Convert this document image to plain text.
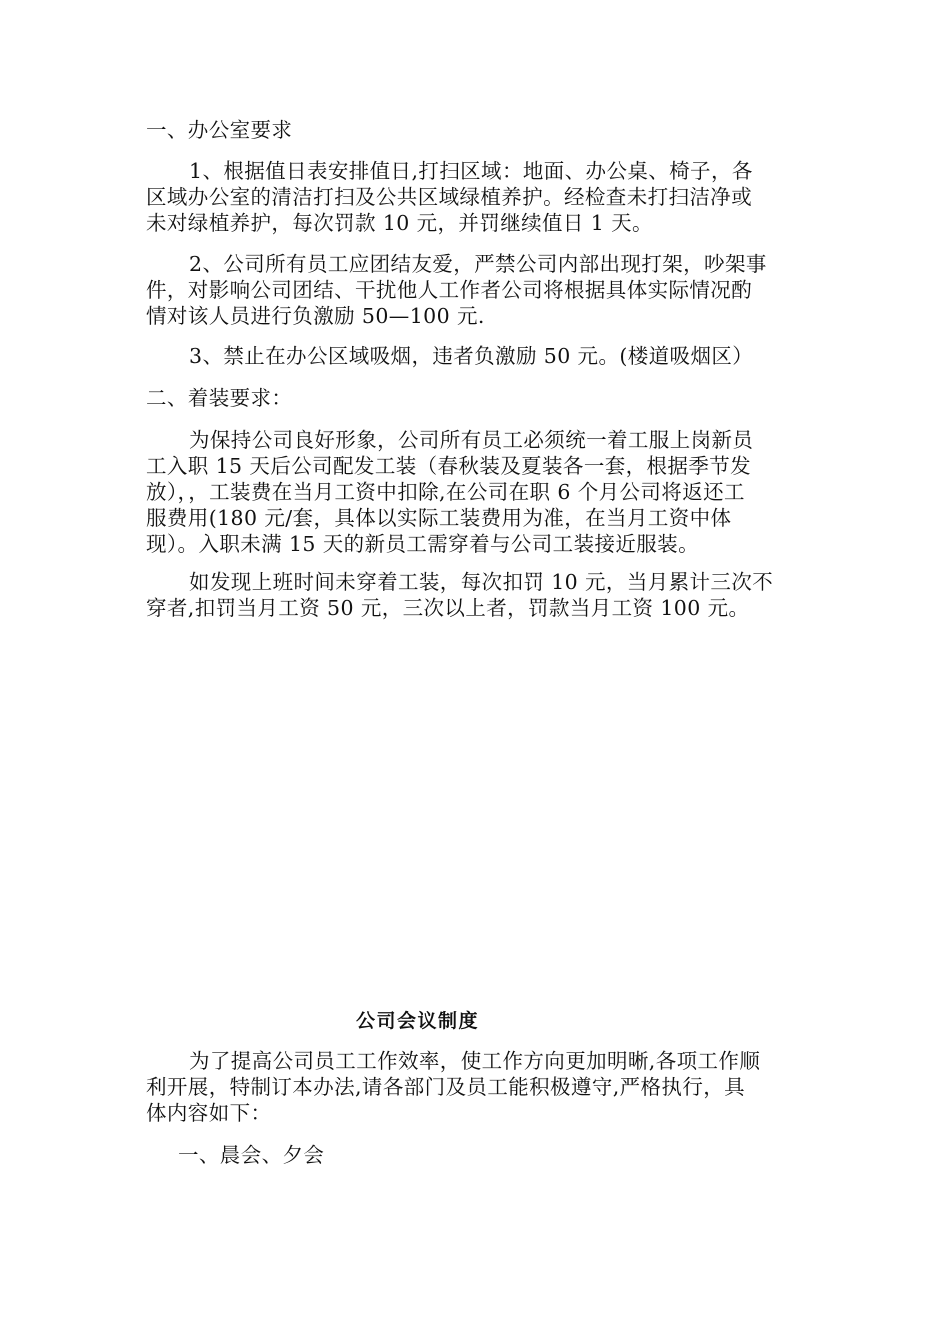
一、办公室要求
1、根据值日表安排值日,打扫区域：地面、办公桌、椅子，各
区域办公室的清洁打扫及公共区域绿植养护。经检查未打扫洁净或
未对绿植养护，每次罚款 10 元，并罚继续值日 1 天。
2、公司所有员工应团结友爱，严禁公司内部出现打架，吵架事
件，对影响公司团结、干扰他人工作者公司将根据具体实际情况酌
情对该人员进行负激励 50—100 元.
3、禁止在办公区域吸烟，违者负激励 50 元。(楼道吸烟区）
二、着装要求：
为保持公司良好形象，公司所有员工必须统一着工服上岗新员
工入职 15 天后公司配发工装（春秋装及夏装各一套，根据季节发
放），，工装费在当月工资中扣除,在公司在职 6 个月公司将返还工
服费用(180 元/套，具体以实际工装费用为准，在当月工资中体
现）。入职未满 15 天的新员工需穿着与公司工装接近服装。
如发现上班时间未穿着工装，每次扣罚 10 元，当月累计三次不
穿者,扣罚当月工资 50 元，三次以上者，罚款当月工资 100 元。
公司会议制度
为了提高公司员工工作效率，使工作方向更加明晰,各项工作顺
利开展，特制订本办法,请各部门及员工能积极遵守,严格执行，具
体内容如下：
一、晨会、夕会
